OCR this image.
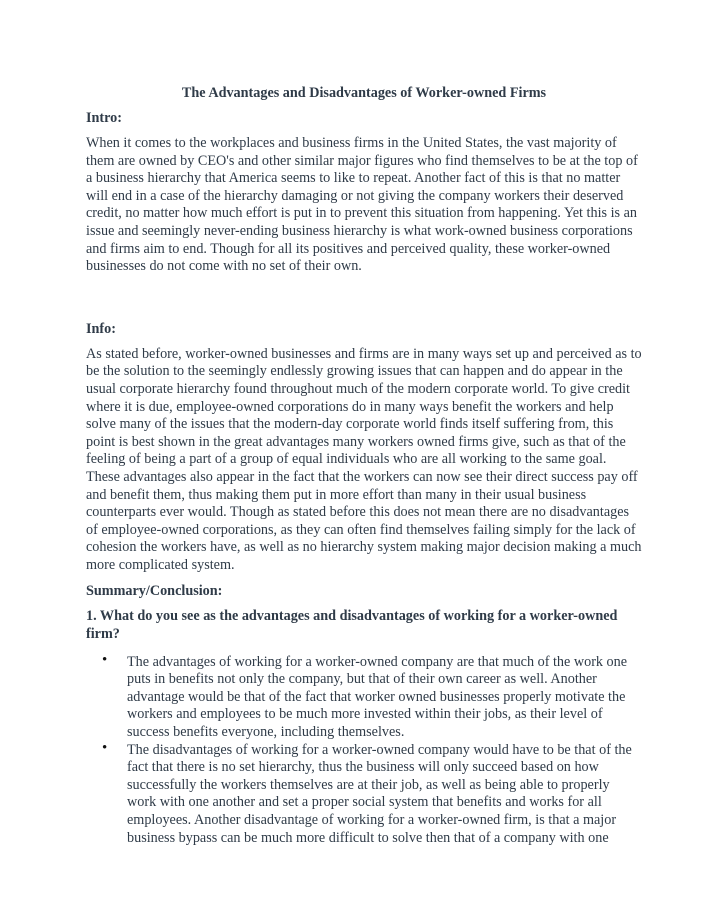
The Advantages and Disadvantages of Worker-owned Firms
Intro:
When it comes to the workplaces and business firms in the United States, the vast majority of them are owned by CEO's and other similar major figures who find themselves to be at the top of a business hierarchy that America seems to like to repeat. Another fact of this is that no matter will end in a case of the hierarchy damaging or not giving the company workers their deserved credit, no matter how much effort is put in to prevent this situation from happening. Yet this is an issue and seemingly never-ending business hierarchy is what work-owned business corporations and firms aim to end. Though for all its positives and perceived quality, these worker-owned businesses do not come with no set of their own.
Info:
As stated before, worker-owned businesses and firms are in many ways set up and perceived as to be the solution to the seemingly endlessly growing issues that can happen and do appear in the usual corporate hierarchy found throughout much of the modern corporate world. To give credit where it is due, employee-owned corporations do in many ways benefit the workers and help solve many of the issues that the modern-day corporate world finds itself suffering from, this point is best shown in the great advantages many workers owned firms give, such as that of the feeling of being a part of a group of equal individuals who are all working to the same goal. These advantages also appear in the fact that the workers can now see their direct success pay off and benefit them, thus making them put in more effort than many in their usual business counterparts ever would. Though as stated before this does not mean there are no disadvantages of employee-owned corporations, as they can often find themselves failing simply for the lack of cohesion the workers have, as well as no hierarchy system making major decision making a much more complicated system.
Summary/Conclusion:
1. What do you see as the advantages and disadvantages of working for a worker-owned firm?
• The advantages of working for a worker-owned company are that much of the work one puts in benefits not only the company, but that of their own career as well. Another advantage would be that of the fact that worker owned businesses properly motivate the workers and employees to be much more invested within their jobs, as their level of success benefits everyone, including themselves.
• The disadvantages of working for a worker-owned company would have to be that of the fact that there is no set hierarchy, thus the business will only succeed based on how successfully the workers themselves are at their job, as well as being able to properly work with one another and set a proper social system that benefits and works for all employees. Another disadvantage of working for a worker-owned firm, is that a major business bypass can be much more difficult to solve then that of a company with one
